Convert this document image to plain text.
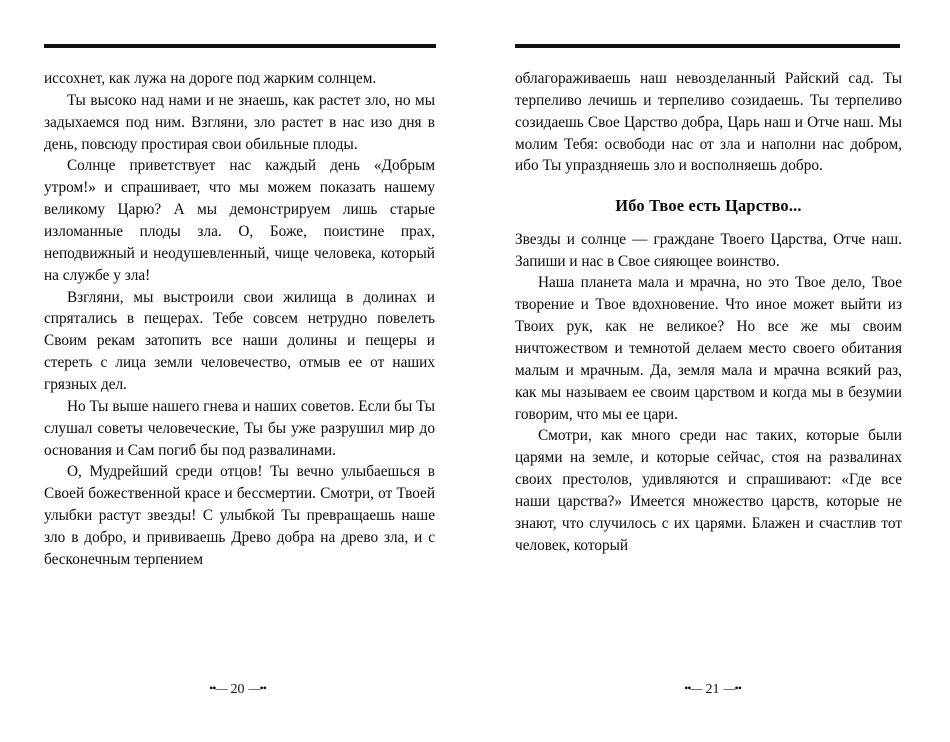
иссохнет, как лужа на дороге под жарким солнцем.

Ты высоко над нами и не знаешь, как растет зло, но мы задыхаемся под ним. Взгляни, зло растет в нас изо дня в день, повсюду простирая свои обильные плоды.

Солнце приветствует нас каждый день «Добрым утром!» и спрашивает, что мы можем показать нашему великому Царю? А мы демонстрируем лишь старые изломанные плоды зла. О, Боже, поистине прах, неподвижный и неодушевленный, чище человека, который на службе у зла!

Взгляни, мы выстроили свои жилища в долинах и спрятались в пещерах. Тебе совсем нетрудно повелеть Своим рекам затопить все наши долины и пещеры и стереть с лица земли человечество, отмыв ее от наших грязных дел.

Но Ты выше нашего гнева и наших советов. Если бы Ты слушал советы человеческие, Ты бы уже разрушил мир до основания и Сам погиб бы под развалинами.

О, Мудрейший среди отцов! Ты вечно улыбаешься в Своей божественной красе и бессмертии. Смотри, от Твоей улыбки растут звезды! С улыбкой Ты превращаешь наше зло в добро, и прививаешь Древо добра на древо зла, и с бесконечным терпением

••— 20 —••

облагораживаешь наш невозделанный Райский сад. Ты терпеливо лечишь и терпеливо созидаешь. Ты терпеливо созидаешь Свое Царство добра, Царь наш и Отче наш. Мы молим Тебя: освободи нас от зла и наполни нас добром, ибо Ты упраздняешь зло и восполняешь добро.

Ибо Твое есть Царство...

Звезды и солнце — граждане Твоего Царства, Отче наш. Запиши и нас в Свое сияющее воинство.

Наша планета мала и мрачна, но это Твое дело, Твое творение и Твое вдохновение. Что иное может выйти из Твоих рук, как не великое? Но все же мы своим ничтожеством и темнотой делаем место своего обитания малым и мрачным. Да, земля мала и мрачна всякий раз, как мы называем ее своим царством и когда мы в безумии говорим, что мы ее цари.

Смотри, как много среди нас таких, которые были царями на земле, и которые сейчас, стоя на развалинах своих престолов, удивляются и спрашивают: «Где все наши царства?» Имеется множество царств, которые не знают, что случилось с их царями. Блажен и счастлив тот человек, который

••— 21 —••
